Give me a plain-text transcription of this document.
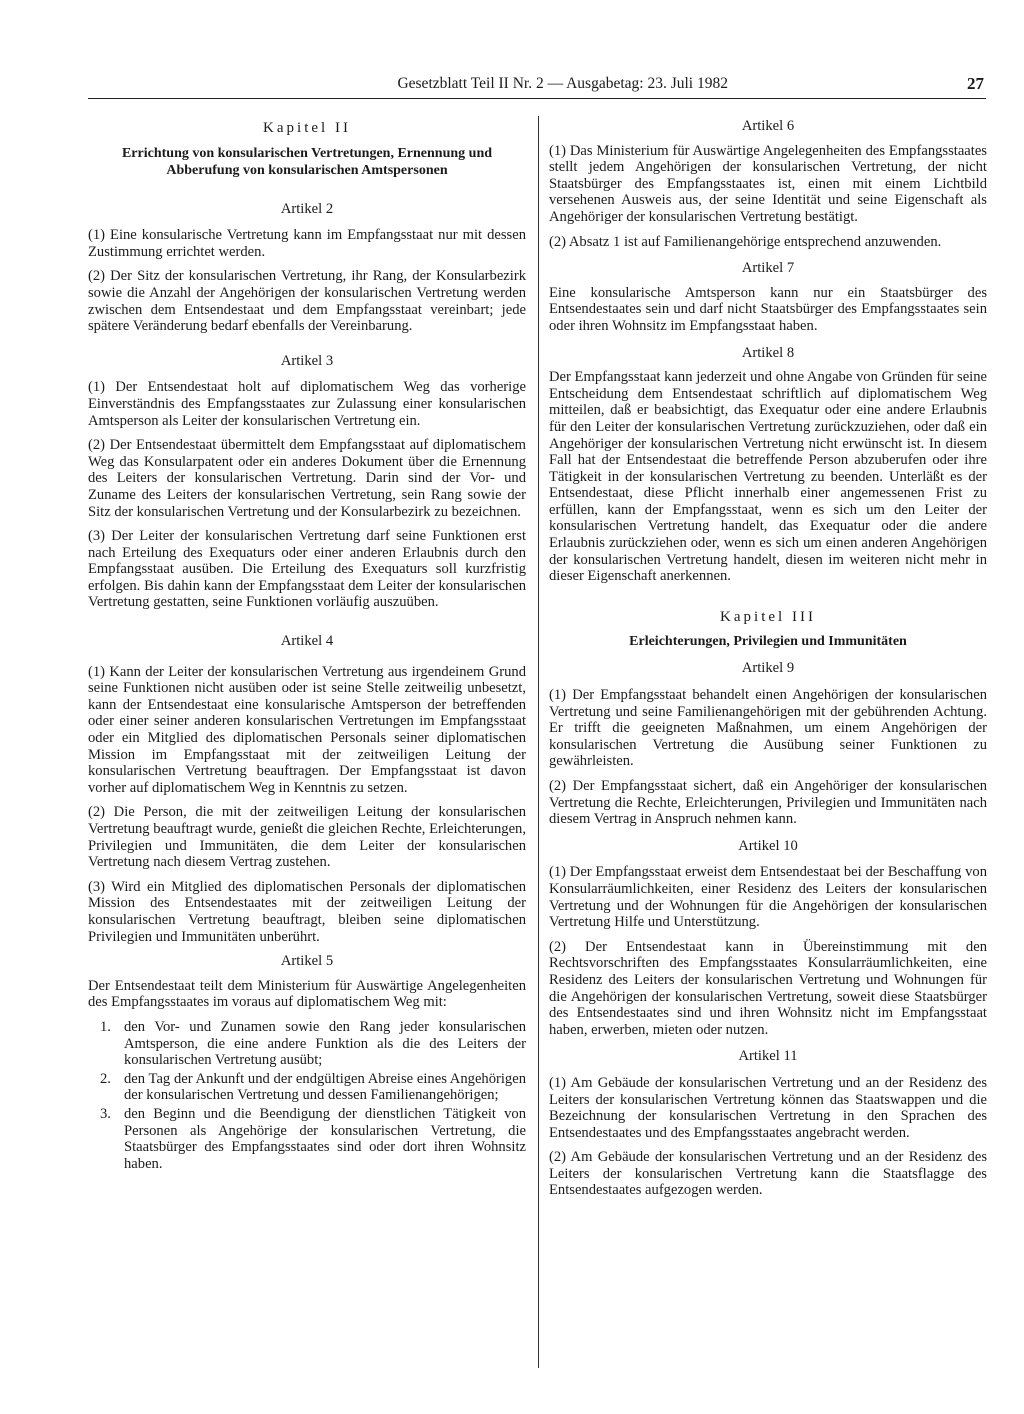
Gesetzblatt Teil II Nr. 2 — Ausgabetag: 23. Juli 1982	27
Kapitel II
Errichtung von konsularischen Vertretungen, Ernennung und Abberufung von konsularischen Amtspersonen
Artikel 2

(1) Eine konsularische Vertretung kann im Empfangsstaat nur mit dessen Zustimmung errichtet werden.

(2) Der Sitz der konsularischen Vertretung, ihr Rang, der Konsularbezirk sowie die Anzahl der Angehörigen der konsularischen Vertretung werden zwischen dem Entsendestaat und dem Empfangsstaat vereinbart; jede spätere Veränderung bedarf ebenfalls der Vereinbarung.

Artikel 3

(1) Der Entsendestaat holt auf diplomatischem Weg das vorherige Einverständnis des Empfangsstaates zur Zulassung einer konsularischen Amtsperson als Leiter der konsularischen Vertretung ein.

(2) Der Entsendestaat übermittelt dem Empfangsstaat auf diplomatischem Weg das Konsularpatent oder ein anderes Dokument über die Ernennung des Leiters der konsularischen Vertretung. Darin sind der Vor- und Zuname des Leiters der konsularischen Vertretung, sein Rang sowie der Sitz der konsularischen Vertretung und der Konsularbezirk zu bezeichnen.

(3) Der Leiter der konsularischen Vertretung darf seine Funktionen erst nach Erteilung des Exequaturs oder einer anderen Erlaubnis durch den Empfangsstaat ausüben. Die Erteilung des Exequaturs soll kurzfristig erfolgen. Bis dahin kann der Empfangsstaat dem Leiter der konsularischen Vertretung gestatten, seine Funktionen vorläufig auszuüben.

Artikel 4

(1) Kann der Leiter der konsularischen Vertretung aus irgendeinem Grund seine Funktionen nicht ausüben oder ist seine Stelle zeitweilig unbesetzt, kann der Entsendestaat eine konsularische Amtsperson der betreffenden oder einer seiner anderen konsularischen Vertretungen im Empfangsstaat oder ein Mitglied des diplomatischen Personals seiner diplomatischen Mission im Empfangsstaat mit der zeitweiligen Leitung der konsularischen Vertretung beauftragen. Der Empfangsstaat ist davon vorher auf diplomatischem Weg in Kenntnis zu setzen.

(2) Die Person, die mit der zeitweiligen Leitung der konsularischen Vertretung beauftragt wurde, genießt die gleichen Rechte, Erleichterungen, Privilegien und Immunitäten, die dem Leiter der konsularischen Vertretung nach diesem Vertrag zustehen.

(3) Wird ein Mitglied des diplomatischen Personals der diplomatischen Mission des Entsendestaates mit der zeitweiligen Leitung der konsularischen Vertretung beauftragt, bleiben seine diplomatischen Privilegien und Immunitäten unberührt.

Artikel 5

Der Entsendestaat teilt dem Ministerium für Auswärtige Angelegenheiten des Empfangsstaates im voraus auf diplomatischem Weg mit:

1. den Vor- und Zunamen sowie den Rang jeder konsularischen Amtsperson, die eine andere Funktion als die des Leiters der konsularischen Vertretung ausübt;
2. den Tag der Ankunft und der endgültigen Abreise eines Angehörigen der konsularischen Vertretung und dessen Familienangehörigen;
3. den Beginn und die Beendigung der dienstlichen Tätigkeit von Personen als Angehörige der konsularischen Vertretung, die Staatsbürger des Empfangsstaates sind oder dort ihren Wohnsitz haben.
Artikel 6

(1) Das Ministerium für Auswärtige Angelegenheiten des Empfangsstaates stellt jedem Angehörigen der konsularischen Vertretung, der nicht Staatsbürger des Empfangsstaates ist, einen mit einem Lichtbild versehenen Ausweis aus, der seine Identität und seine Eigenschaft als Angehöriger der konsularischen Vertretung bestätigt.

(2) Absatz 1 ist auf Familienangehörige entsprechend anzuwenden.

Artikel 7

Eine konsularische Amtsperson kann nur ein Staatsbürger des Entsendestaates sein und darf nicht Staatsbürger des Empfangsstaates sein oder ihren Wohnsitz im Empfangsstaat haben.

Artikel 8

Der Empfangsstaat kann jederzeit und ohne Angabe von Gründen für seine Entscheidung dem Entsendestaat schriftlich auf diplomatischem Weg mitteilen, daß er beabsichtigt, das Exequatur oder eine andere Erlaubnis für den Leiter der konsularischen Vertretung zurückzuziehen, oder daß ein Angehöriger der konsularischen Vertretung nicht erwünscht ist. In diesem Fall hat der Entsendestaat die betreffende Person abzuberufen oder ihre Tätigkeit in der konsularischen Vertretung zu beenden. Unterläßt es der Entsendestaat, diese Pflicht innerhalb einer angemessenen Frist zu erfüllen, kann der Empfangsstaat, wenn es sich um den Leiter der konsularischen Vertretung handelt, das Exequatur oder die andere Erlaubnis zurückziehen oder, wenn es sich um einen anderen Angehörigen der konsularischen Vertretung handelt, diesen im weiteren nicht mehr in dieser Eigenschaft anerkennen.

Kapitel III
Erleichterungen, Privilegien und Immunitäten
Artikel 9

(1) Der Empfangsstaat behandelt einen Angehörigen der konsularischen Vertretung und seine Familienangehörigen mit der gebührenden Achtung. Er trifft die geeigneten Maßnahmen, um einem Angehörigen der konsularischen Vertretung die Ausübung seiner Funktionen zu gewährleisten.

(2) Der Empfangsstaat sichert, daß ein Angehöriger der konsularischen Vertretung die Rechte, Erleichterungen, Privilegien und Immunitäten nach diesem Vertrag in Anspruch nehmen kann.

Artikel 10

(1) Der Empfangsstaat erweist dem Entsendestaat bei der Beschaffung von Konsularräumlichkeiten, einer Residenz des Leiters der konsularischen Vertretung und der Wohnungen für die Angehörigen der konsularischen Vertretung Hilfe und Unterstützung.

(2) Der Entsendestaat kann in Übereinstimmung mit den Rechtsvorschriften des Empfangsstaates Konsularräumlichkeiten, eine Residenz des Leiters der konsularischen Vertretung und Wohnungen für die Angehörigen der konsularischen Vertretung, soweit diese Staatsbürger des Entsendestaates sind und ihren Wohnsitz nicht im Empfangsstaat haben, erwerben, mieten oder nutzen.

Artikel 11

(1) Am Gebäude der konsularischen Vertretung und an der Residenz des Leiters der konsularischen Vertretung können das Staatswappen und die Bezeichnung der konsularischen Vertretung in den Sprachen des Entsendestaates und des Empfangsstaates angebracht werden.

(2) Am Gebäude der konsularischen Vertretung und an der Residenz des Leiters der konsularischen Vertretung kann die Staatsflagge des Entsendestaates aufgezogen werden.
